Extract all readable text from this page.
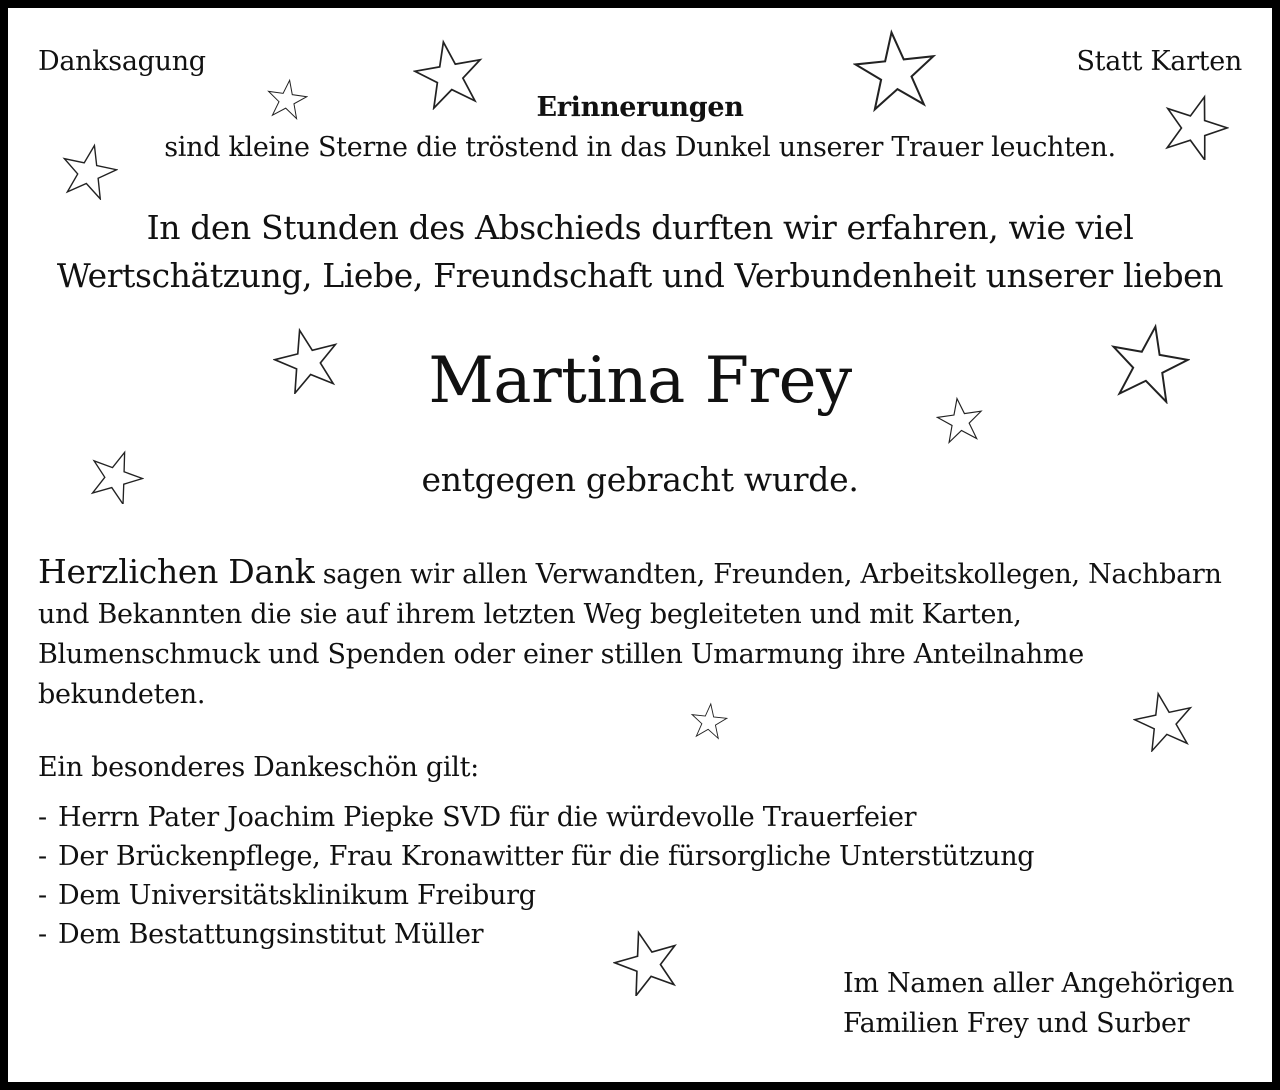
Danksagung	Statt Karten
Erinnerungen
sind kleine Sterne die tröstend in das Dunkel unserer Trauer leuchten.
In den Stunden des Abschieds durften wir erfahren, wie viel
Wertschätzung, Liebe, Freundschaft und Verbundenheit unserer lieben
Martina Frey
entgegen gebracht wurde.

Herzlichen Dank sagen wir allen Verwandten, Freunden, Arbeitskollegen, Nachbarn

und Bekannten die sie auf ihrem letzten Weg begleiteten und mit Karten,

Blumenschmuck und Spenden oder einer stillen Umarmung ihre Anteilnahme

bekundeten.

Ein besonderes Dankeschön gilt:
- Herrn Pater Joachim Piepke SVD für die würdevolle Trauerfeier
- Der Brückenpflege, Frau Kronawitter für die fürsorgliche Unterstützung
- Dem Universitätsklinikum Freiburg
- Dem Bestattungsinstitut Müller
Im Namen aller Angehörigen
Familien Frey und Surber
